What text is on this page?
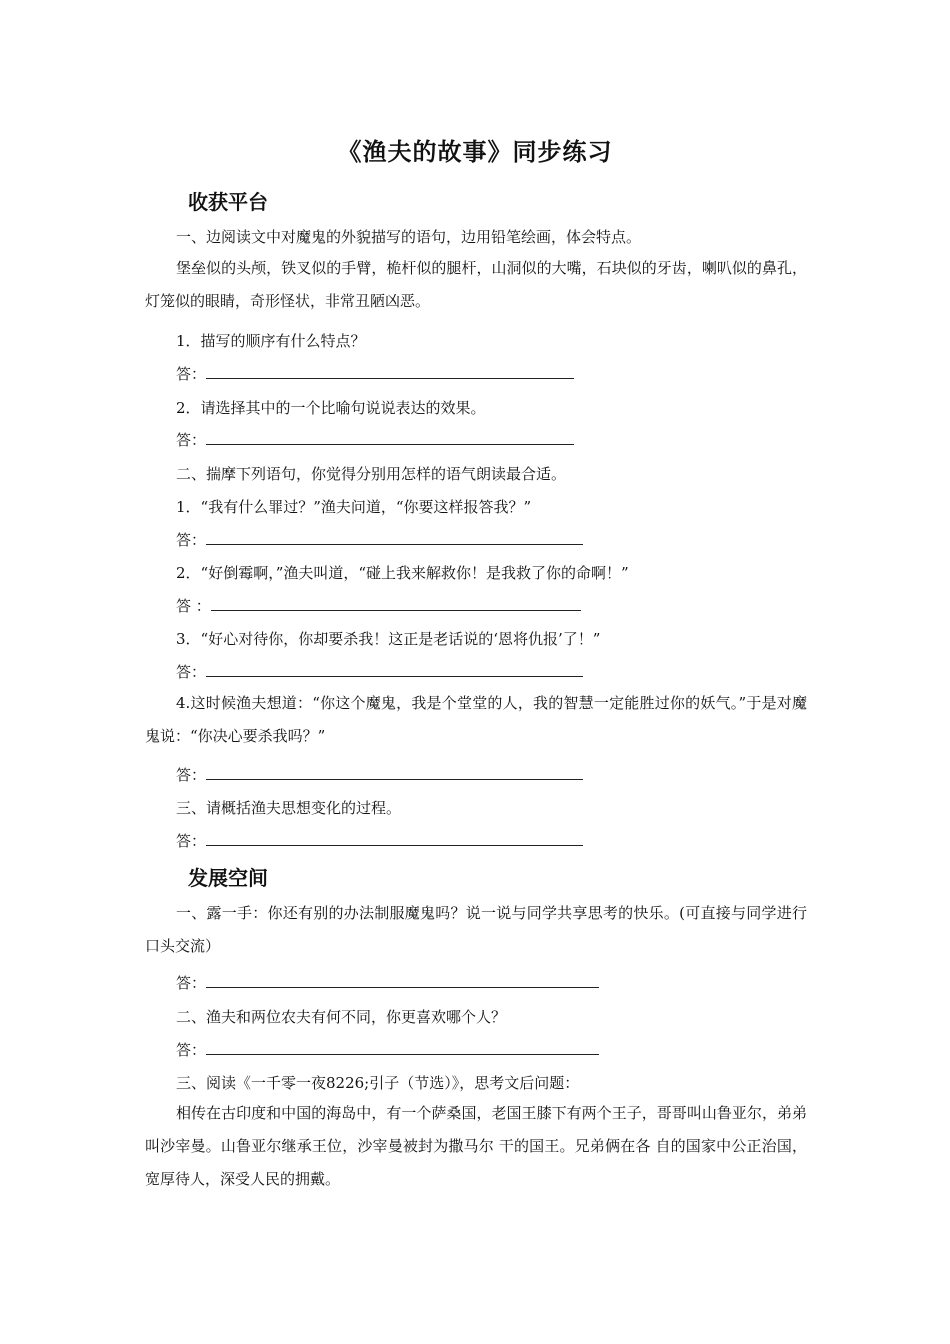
《渔夫的故事》同步练习
收获平台
一、边阅读文中对魔鬼的外貌描写的语句，边用铅笔绘画，体会特点。
堡垒似的头颅，铁叉似的手臂，桅杆似的腿杆，山洞似的大嘴，石块似的牙齿，喇叭似的鼻孔，灯笼似的眼睛，奇形怪状，非常丑陋凶恶。
1．描写的顺序有什么特点？
答：
2．请选择其中的一个比喻句说说表达的效果。
答：
二、揣摩下列语句，你觉得分别用怎样的语气朗读最合适。
1．“我有什么罪过？”渔夫问道，“你要这样报答我？”
答：
2．“好倒霉啊，”渔夫叫道，“碰上我来解救你！是我救了你的命啊！”
答 ：
3．“好心对待你，你却要杀我！这正是老话说的‘恩将仇报’了！”
答：
4.这时候渔夫想道：“你这个魔鬼，我是个堂堂的人，我的智慧一定能胜过你的妖气。”于是对魔鬼说：“你决心要杀我吗？”
答：
三、请概括渔夫思想变化的过程。
答：
发展空间
一、露一手：你还有别的办法制服魔鬼吗？说一说与同学共享思考的快乐。(可直接与同学进行口头交流）
答：
二、渔夫和两位农夫有何不同，你更喜欢哪个人？
答：
三、阅读《一千零一夜8226;引子（节选）》，思考文后问题：
相传在古印度和中国的海岛中，有一个萨桑国，老国王膝下有两个王子，哥哥叫山鲁亚尔，弟弟叫沙宰曼。山鲁亚尔继承王位，沙宰曼被封为撒马尔 干的国王。兄弟俩在各 自的国家中公正治国，宽厚待人，深受人民的拥戴。
